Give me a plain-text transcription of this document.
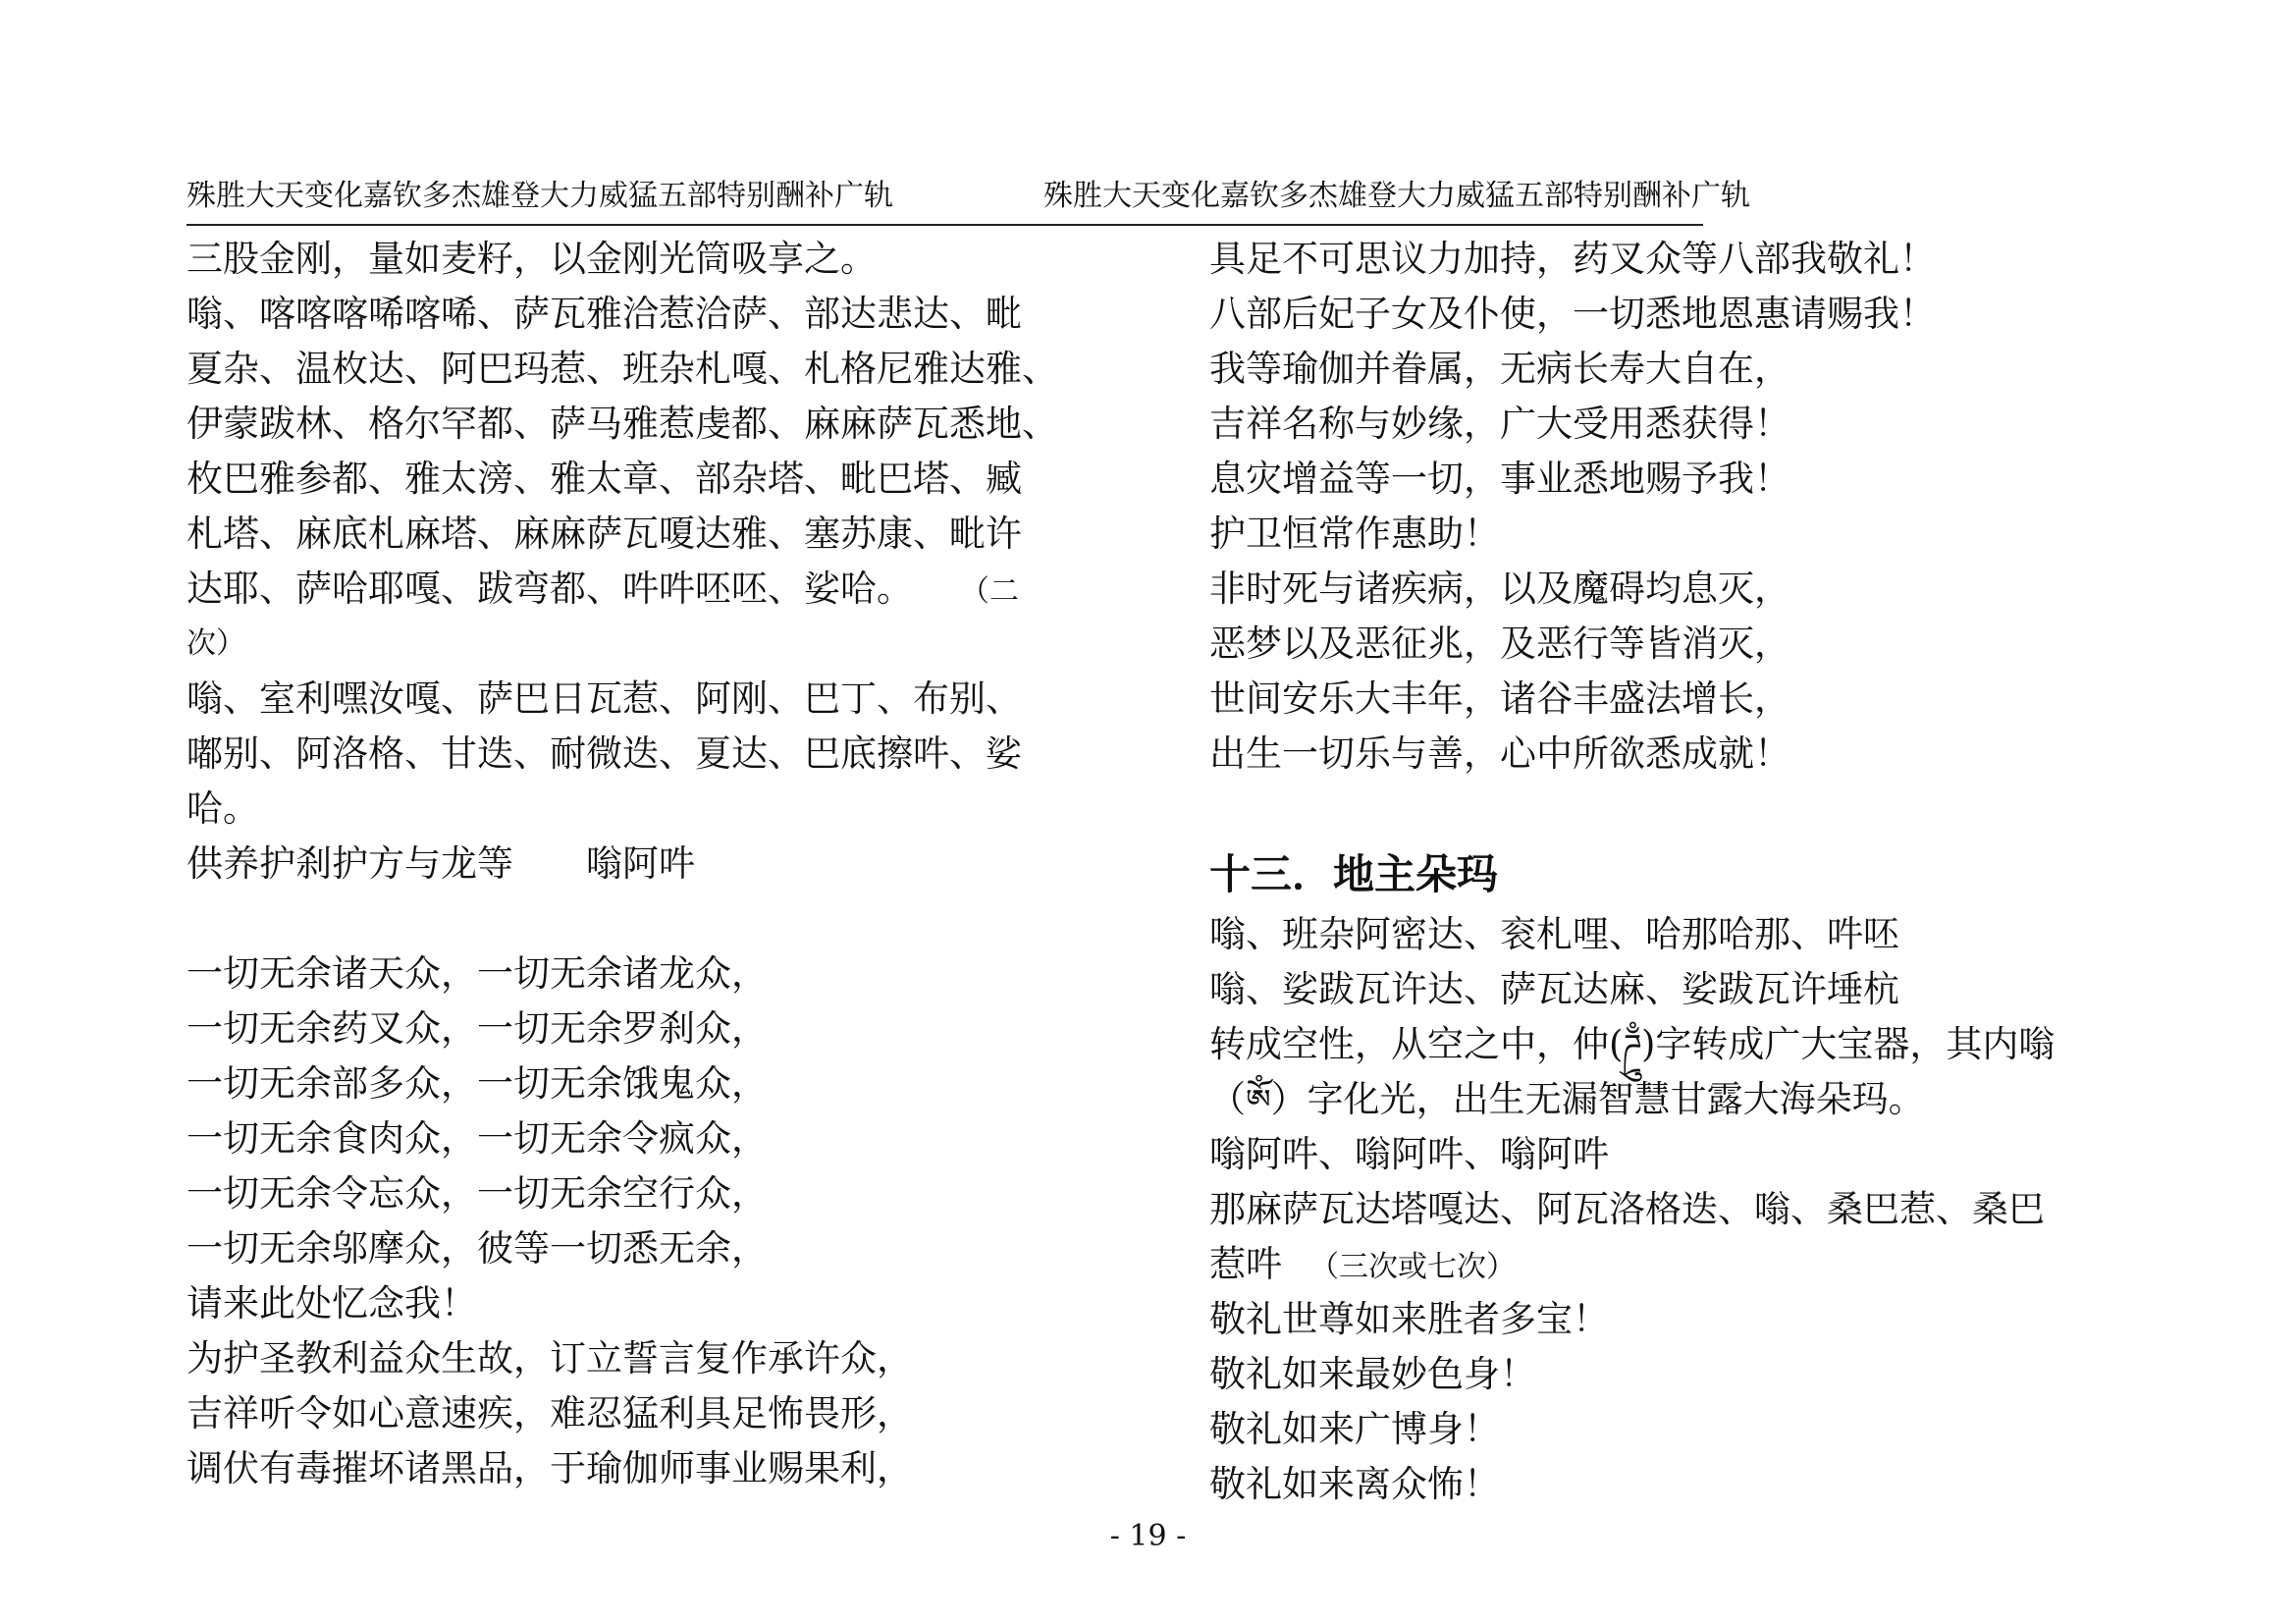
殊胜大天变化嘉钦多杰雄登大力威猛五部特别酬补广轨	殊胜大天变化嘉钦多杰雄登大力威猛五部特别酬补广轨
三股金刚，量如麦籽，以金刚光筒吸享之。
嗡、喀喀喀唏喀唏、萨瓦雅洽惹洽萨、部达悲达、毗
夏杂、温枚达、阿巴玛惹、班杂札嘎、札格尼雅达雅、
伊蒙跋林、格尔罕都、萨马雅惹虔都、麻麻萨瓦悉地、
枚巴雅参都、雅太滂、雅太章、部杂塔、毗巴塔、臧
札塔、麻底札麻塔、麻麻萨瓦嗄达雅、塞苏康、毗许
达耶、萨哈耶嘎、跋弯都、吽吽呸呸、娑哈。 （二
次）
嗡、室利嘿汝嘎、萨巴日瓦惹、阿刚、巴丁、布别、
嘟别、阿洛格、甘迭、耐微迭、夏达、巴底擦吽、娑
哈。
供养护刹护方与龙等 嗡阿吽
一切无余诸天众，一切无余诸龙众，
一切无余药叉众，一切无余罗刹众，
一切无余部多众，一切无余饿鬼众，
一切无余食肉众，一切无余令疯众，
一切无余令忘众，一切无余空行众，
一切无余邬摩众，彼等一切悉无余，
请来此处忆念我！
为护圣教利益众生故，订立誓言复作承许众，
吉祥听令如心意速疾，难忍猛利具足怖畏形，
调伏有毒摧坏诸黑品，于瑜伽师事业赐果利，
具足不可思议力加持，药叉众等八部我敬礼！
八部后妃子女及仆使，一切悉地恩惠请赐我！
我等瑜伽并眷属，无病长寿大自在，
吉祥名称与妙缘，广大受用悉获得！
息灾增益等一切，事业悉地赐予我！
护卫恒常作惠助！
非时死与诸疾病，以及魔碍均息灭，
恶梦以及恶征兆，及恶行等皆消灭，
世间安乐大丰年，诸谷丰盛法增长，
出生一切乐与善，心中所欲悉成就！
十三．地主朵玛
嗡、班杂阿密达、衮札哩、哈那哈那、吽呸
嗡、娑跋瓦许达、萨瓦达麻、娑跋瓦许埵杭
转成空性，从空之中，仲(ཌྲུྃ)字转成广大宝器，其内嗡
（ཨོཾ）字化光，出生无漏智慧甘露大海朵玛。
嗡阿吽、嗡阿吽、嗡阿吽
那麻萨瓦达塔嘎达、阿瓦洛格迭、嗡、桑巴惹、桑巴
惹吽 （三次或七次）
敬礼世尊如来胜者多宝！
敬礼如来最妙色身！
敬礼如来广博身！
敬礼如来离众怖！
- 19 -
